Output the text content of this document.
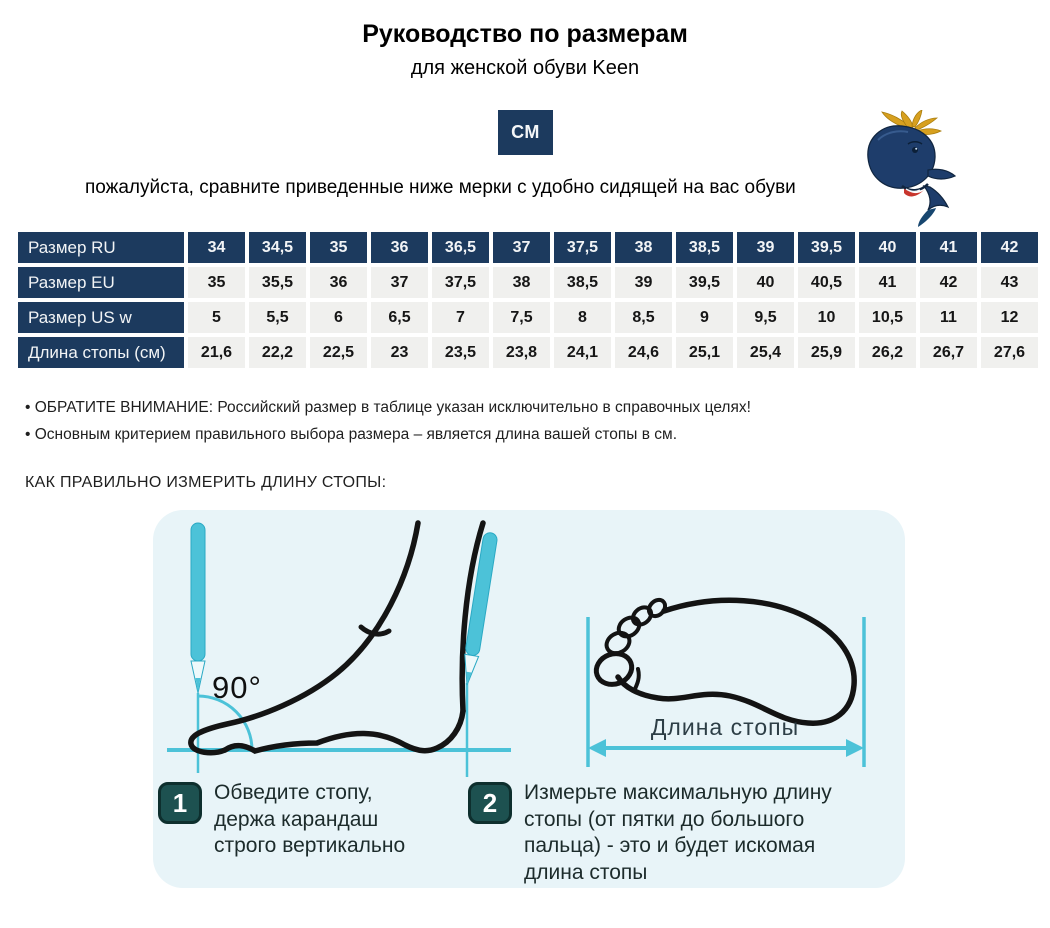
Руководство по размерам
для женской обуви Keen
СМ
пожалуйста, сравните приведенные ниже мерки с удобно сидящей на вас обуви
Размер RU	34	34,5	35	36	36,5	37	37,5	38	38,5	39	39,5	40	41	42
Размер EU	35	35,5	36	37	37,5	38	38,5	39	39,5	40	40,5	41	42	43
Размер US w	5	5,5	6	6,5	7	7,5	8	8,5	9	9,5	10	10,5	11	12
Длина стопы (см)	21,6	22,2	22,5	23	23,5	23,8	24,1	24,6	25,1	25,4	25,9	26,2	26,7	27,6
• ОБРАТИТЕ ВНИМАНИЕ: Российский размер в таблице указан исключительно в справочных целях!
• Основным критерием правильного выбора размера – является длина вашей стопы в см.
КАК ПРАВИЛЬНО ИЗМЕРИТЬ ДЛИНУ СТОПЫ:
90°
Длина стопы
1	Обведите стопу, держа карандаш строго вертикально
2	Измерьте максимальную длину стопы (от пятки до большого пальца) - это и будет искомая длина стопы
